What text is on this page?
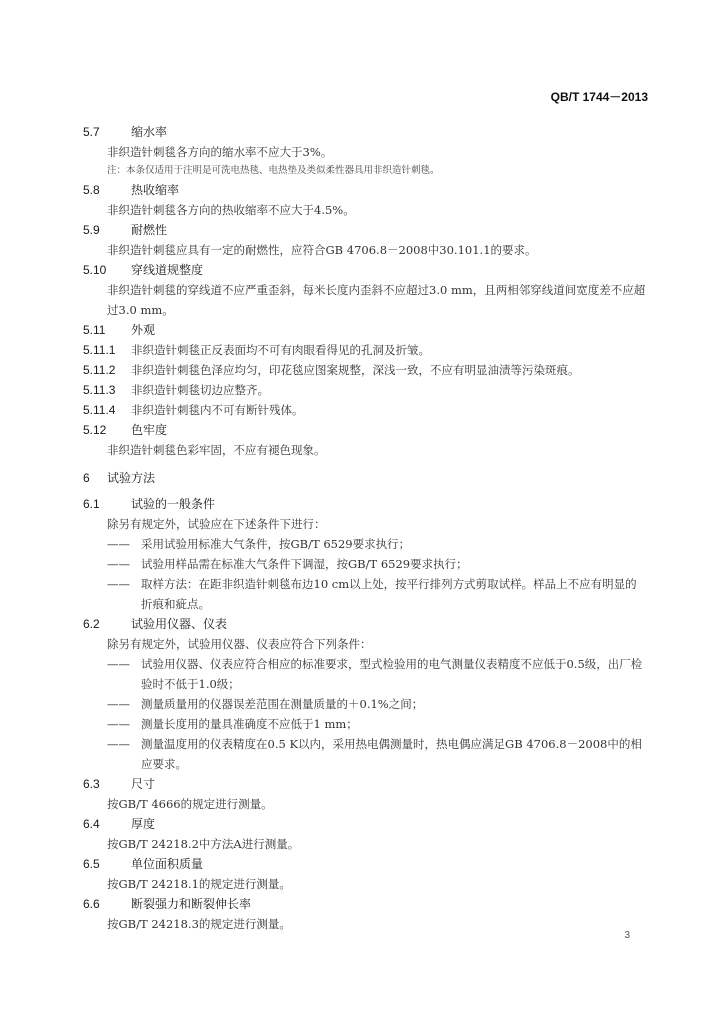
QB/T 1744－2013
5.7	缩水率
非织造针刺毯各方向的缩水率不应大于3%。
注：本条仅适用于注明是可洗电热毯、电热垫及类似柔性器具用非织造针刺毯。
5.8	热收缩率
非织造针刺毯各方向的热收缩率不应大于4.5%。
5.9	耐燃性
非织造针刺毯应具有一定的耐燃性，应符合GB 4706.8－2008中30.101.1的要求。
5.10 穿线道规整度
非织造针刺毯的穿线道不应严重歪斜，每米长度内歪斜不应超过3.0 mm，且两相邻穿线道间宽度差不应超过3.0 mm。
5.11 外观
5.11.1 非织造针刺毯正反表面均不可有肉眼看得见的孔洞及折皱。
5.11.2 非织造针刺毯色泽应均匀，印花毯应图案规整，深浅一致，不应有明显油渍等污染斑痕。
5.11.3 非织造针刺毯切边应整齐。
5.11.4 非织造针刺毯内不可有断针残体。
5.12 色牢度
非织造针刺毯色彩牢固，不应有褪色现象。
6 试验方法
6.1	试验的一般条件
除另有规定外，试验应在下述条件下进行：
—— 采用试验用标准大气条件，按GB/T 6529要求执行；
—— 试验用样品需在标准大气条件下调湿，按GB/T 6529要求执行；
—— 取样方法：在距非织造针刺毯布边10 cm以上处，按平行排列方式剪取试样。样品上不应有明显的折痕和疵点。
6.2	试验用仪器、仪表
除另有规定外，试验用仪器、仪表应符合下列条件：
—— 试验用仪器、仪表应符合相应的标准要求，型式检验用的电气测量仪表精度不应低于0.5级，出厂检验时不低于1.0级；
—— 测量质量用的仪器误差范围在测量质量的＋0.1%之间；
—— 测量长度用的量具准确度不应低于1 mm；
—— 测量温度用的仪表精度在0.5 K以内，采用热电偶测量时，热电偶应满足GB 4706.8－2008中的相应要求。
6.3	尺寸
按GB/T 4666的规定进行测量。
6.4	厚度
按GB/T 24218.2中方法A进行测量。
6.5	单位面积质量
按GB/T 24218.1的规定进行测量。
6.6	断裂强力和断裂伸长率
按GB/T 24218.3的规定进行测量。
3
